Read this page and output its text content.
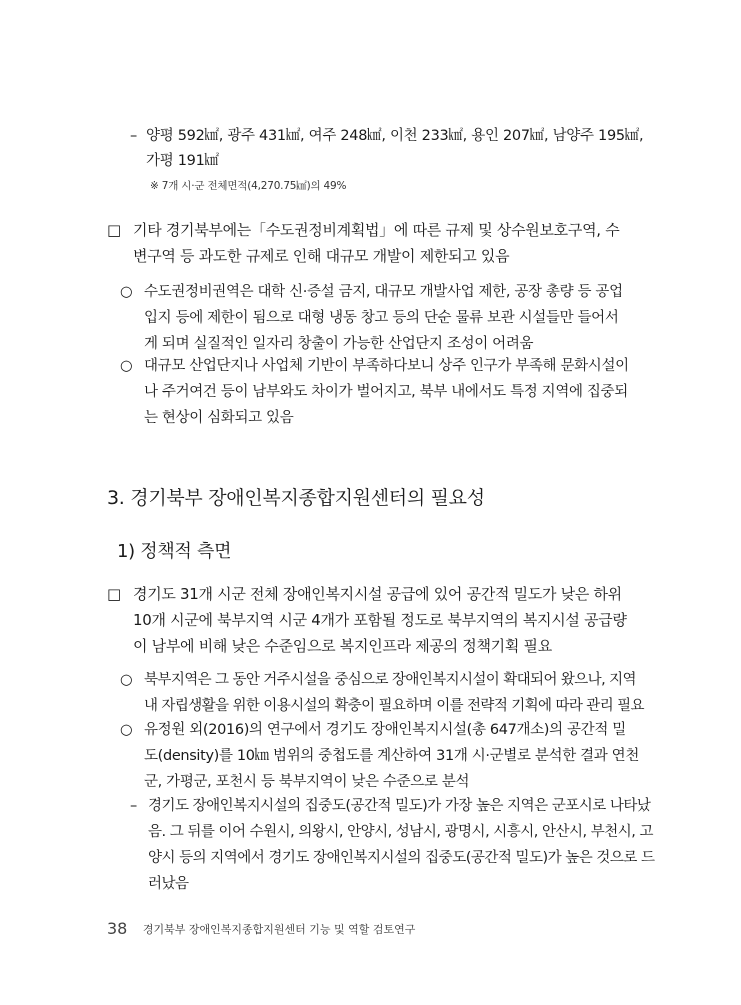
– 양평 592㎢, 광주 431㎢, 여주 248㎢, 이천 233㎢, 용인 207㎢, 남양주 195㎢,
가평 191㎢
※ 7개 시·군 전체면적(4,270.75㎢)의 49%
□ 기타 경기북부에는「수도권정비계획법」에 따른 규제 및 상수원보호구역, 수
변구역 등 과도한 규제로 인해 대규모 개발이 제한되고 있음
○ 수도권정비권역은 대학 신·증설 금지, 대규모 개발사업 제한, 공장 총량 등 공업
입지 등에 제한이 됨으로 대형 냉동 창고 등의 단순 물류 보관 시설들만 들어서
게 되며 실질적인 일자리 창출이 가능한 산업단지 조성이 어려움
○ 대규모 산업단지나 사업체 기반이 부족하다보니 상주 인구가 부족해 문화시설이
나 주거여건 등이 남부와도 차이가 벌어지고, 북부 내에서도 특정 지역에 집중되
는 현상이 심화되고 있음
3. 경기북부 장애인복지종합지원센터의 필요성
1) 정책적 측면
□ 경기도 31개 시군 전체 장애인복지시설 공급에 있어 공간적 밀도가 낮은 하위
10개 시군에 북부지역 시군 4개가 포함될 정도로 북부지역의 복지시설 공급량
이 남부에 비해 낮은 수준임으로 복지인프라 제공의 정책기획 필요
○ 북부지역은 그 동안 거주시설을 중심으로 장애인복지시설이 확대되어 왔으나, 지역
내 자립생활을 위한 이용시설의 확충이 필요하며 이를 전략적 기획에 따라 관리 필요
○ 유정원 외(2016)의 연구에서 경기도 장애인복지시설(총 647개소)의 공간적 밀
도(density)를 10㎞ 범위의 중첩도를 계산하여 31개 시·군별로 분석한 결과 연천
군, 가평군, 포천시 등 북부지역이 낮은 수준으로 분석
– 경기도 장애인복지시설의 집중도(공간적 밀도)가 가장 높은 지역은 군포시로 나타났
음. 그 뒤를 이어 수원시, 의왕시, 안양시, 성남시, 광명시, 시흥시, 안산시, 부천시, 고
양시 등의 지역에서 경기도 장애인복지시설의 집중도(공간적 밀도)가 높은 것으로 드
러났음
38 경기북부 장애인복지종합지원센터 기능 및 역할 검토연구
